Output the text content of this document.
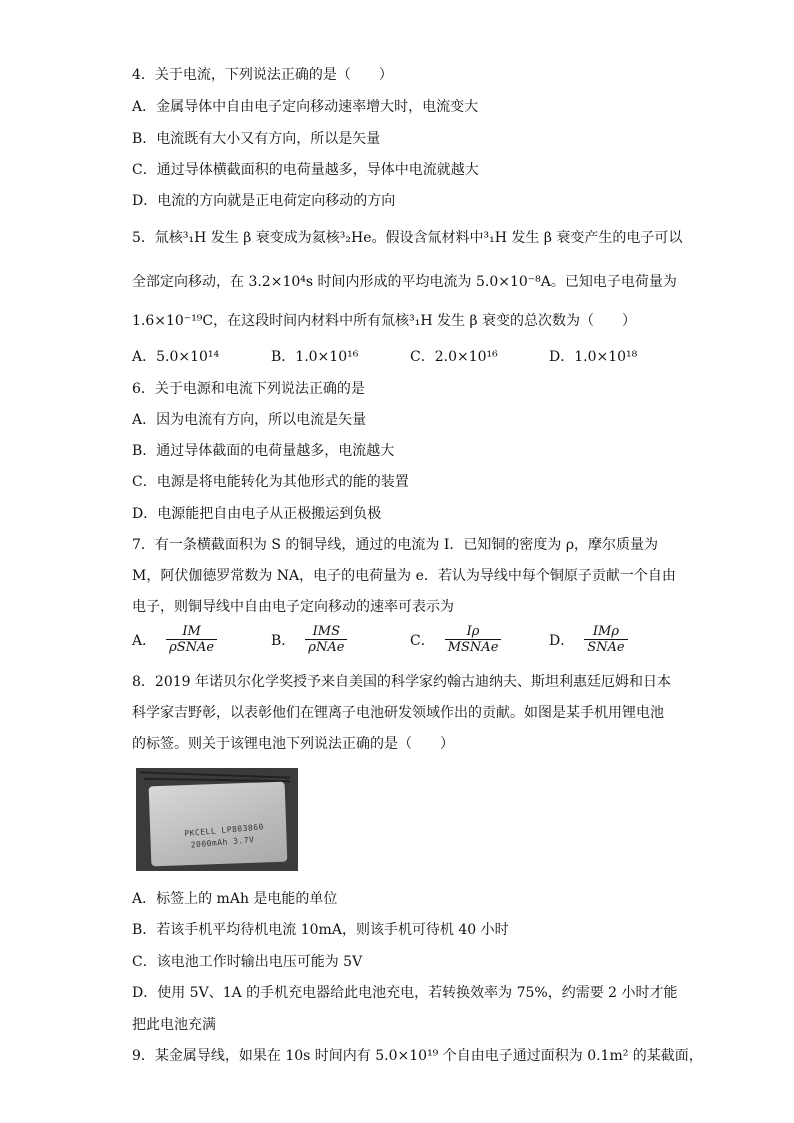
4．关于电流，下列说法正确的是（　　）
A．金属导体中自由电子定向移动速率增大时，电流变大
B．电流既有大小又有方向，所以是矢量
C．通过导体横截面积的电荷量越多，导体中电流就越大
D．电流的方向就是正电荷定向移动的方向
5．氚核³₁H 发生 β 衰变成为氦核³₂He。假设含氚材料中³₁H 发生 β 衰变产生的电子可以
全部定向移动，在 3.2×10⁴s 时间内形成的平均电流为 5.0×10⁻⁸A。已知电子电荷量为
1.6×10⁻¹⁹C，在这段时间内材料中所有氚核³₁H 发生 β 衰变的总次数为（　　）
A．5.0×10¹⁴	B．1.0×10¹⁶	C．2.0×10¹⁶	D．1.0×10¹⁸
6．关于电源和电流下列说法正确的是
A．因为电流有方向，所以电流是矢量
B．通过导体截面的电荷量越多，电流越大
C．电源是将电能转化为其他形式的能的装置
D．电源能把自由电子从正极搬运到负极
7．有一条横截面积为 S 的铜导线，通过的电流为 I．已知铜的密度为 ρ，摩尔质量为
M，阿伏伽德罗常数为 NA，电子的电荷量为 e．若认为导线中每个铜原子贡献一个自由
电子，则铜导线中自由电子定向移动的速率可表示为
A． $\frac{IM}{\text{ρSNAe}}$	B． $\frac{\text{IMS}}{\text{ρNAe}}$	C． $\frac{I\rho}{\text{MSNAe}}$	D． $\frac{\text{IMρ}}{\text{SNAe}}$
8．2019 年诺贝尔化学奖授予来自美国的科学家约翰古迪纳夫、斯坦利惠廷厄姆和日本
科学家吉野彰，以表彰他们在锂离子电池研发领域作出的贡献。如图是某手机用锂电池
的标签。则关于该锂电池下列说法正确的是（　　）
PKCELL LP803860
2000mAh 3.7V
A．标签上的 mAh 是电能的单位
B．若该手机平均待机电流 10mA，则该手机可待机 40 小时
C．该电池工作时输出电压可能为 5V
D．使用 5V、1A 的手机充电器给此电池充电，若转换效率为 75%，约需要 2 小时才能
把此电池充满
9．某金属导线，如果在 10s 时间内有 5.0×10¹⁹ 个自由电子通过面积为 0.1m² 的某截面，
